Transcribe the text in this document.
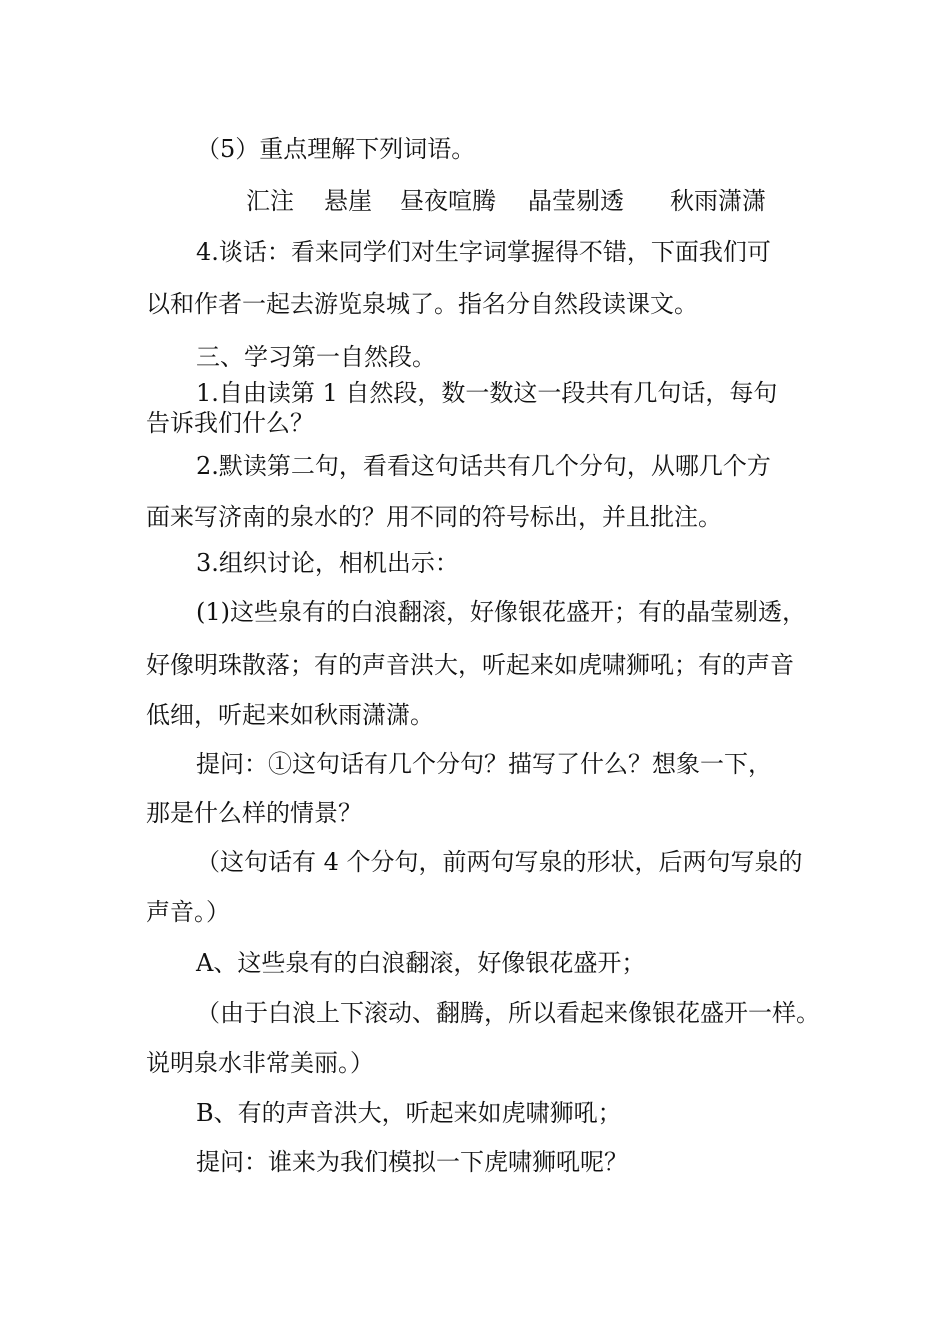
（5）重点理解下列词语。
汇注 悬崖 昼夜喧腾 晶莹剔透 秋雨潇潇
4.谈话：看来同学们对生字词掌握得不错，下面我们可
以和作者一起去游览泉城了。指名分自然段读课文。
三、学习第一自然段。
1.自由读第 1 自然段，数一数这一段共有几句话，每句
告诉我们什么？
2.默读第二句，看看这句话共有几个分句，从哪几个方
面来写济南的泉水的？用不同的符号标出，并且批注。
3.组织讨论，相机出示：
(1)这些泉有的白浪翻滚，好像银花盛开；有的晶莹剔透，
好像明珠散落；有的声音洪大，听起来如虎啸狮吼；有的声音
低细，听起来如秋雨潇潇。
提问：①这句话有几个分句？描写了什么？想象一下，
那是什么样的情景？
（这句话有 4 个分句，前两句写泉的形状，后两句写泉的
声音。）
A、这些泉有的白浪翻滚，好像银花盛开；
（由于白浪上下滚动、翻腾，所以看起来像银花盛开一样。
说明泉水非常美丽。）
B、有的声音洪大，听起来如虎啸狮吼；
提问：谁来为我们模拟一下虎啸狮吼呢？
